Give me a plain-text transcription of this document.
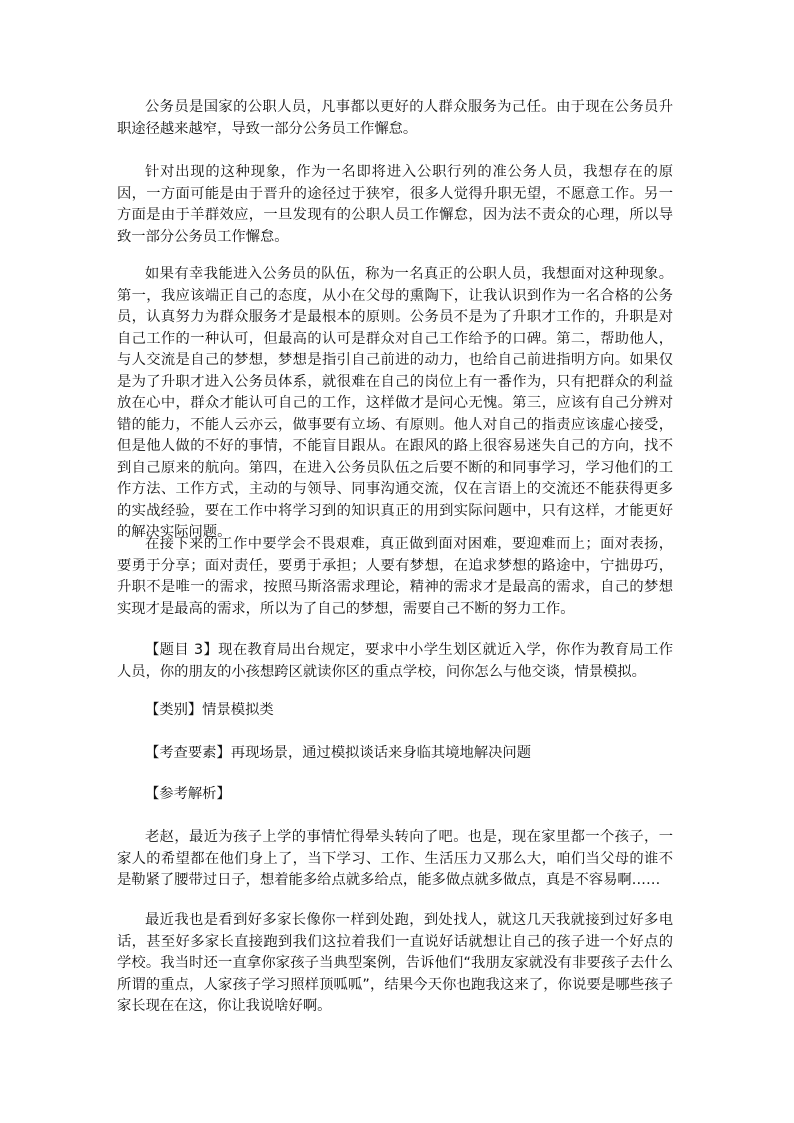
公务员是国家的公职人员，凡事都以更好的人群众服务为己任。由于现在公务员升职途径越来越窄，导致一部分公务员工作懈怠。

针对出现的这种现象，作为一名即将进入公职行列的准公务人员，我想存在的原因，一方面可能是由于晋升的途径过于狭窄，很多人觉得升职无望，不愿意工作。另一方面是由于羊群效应，一旦发现有的公职人员工作懈怠，因为法不责众的心理，所以导致一部分公务员工作懈怠。

如果有幸我能进入公务员的队伍，称为一名真正的公职人员，我想面对这种现象。第一，我应该端正自己的态度，从小在父母的熏陶下，让我认识到作为一名合格的公务员，认真努力为群众服务才是最根本的原则。公务员不是为了升职才工作的，升职是对自己工作的一种认可，但最高的认可是群众对自己工作给予的口碑。第二，帮助他人，与人交流是自己的梦想，梦想是指引自己前进的动力，也给自己前进指明方向。如果仅是为了升职才进入公务员体系，就很难在自己的岗位上有一番作为，只有把群众的利益放在心中，群众才能认可自己的工作，这样做才是问心无愧。第三，应该有自己分辨对错的能力，不能人云亦云，做事要有立场、有原则。他人对自己的指责应该虚心接受，但是他人做的不好的事情，不能盲目跟从。在跟风的路上很容易迷失自己的方向，找不到自己原来的航向。第四，在进入公务员队伍之后要不断的和同事学习，学习他们的工作方法、工作方式，主动的与领导、同事沟通交流，仅在言语上的交流还不能获得更多的实战经验，要在工作中将学习到的知识真正的用到实际问题中，只有这样，才能更好的解决实际问题。

在接下来的工作中要学会不畏艰难，真正做到面对困难，要迎难而上；面对表扬，要勇于分享；面对责任，要勇于承担；人要有梦想，在追求梦想的路途中，宁拙毋巧，升职不是唯一的需求，按照马斯洛需求理论，精神的需求才是最高的需求，自己的梦想实现才是最高的需求，所以为了自己的梦想，需要自己不断的努力工作。

【题目 3】现在教育局出台规定，要求中小学生划区就近入学，你作为教育局工作人员，你的朋友的小孩想跨区就读你区的重点学校，问你怎么与他交谈，情景模拟。

【类别】情景模拟类

【考查要素】再现场景，通过模拟谈话来身临其境地解决问题

【参考解析】

老赵，最近为孩子上学的事情忙得晕头转向了吧。也是，现在家里都一个孩子，一家人的希望都在他们身上了，当下学习、工作、生活压力又那么大，咱们当父母的谁不是勒紧了腰带过日子，想着能多给点就多给点，能多做点就多做点，真是不容易啊……

最近我也是看到好多家长像你一样到处跑，到处找人，就这几天我就接到过好多电话，甚至好多家长直接跑到我们这拉着我们一直说好话就想让自己的孩子进一个好点的学校。我当时还一直拿你家孩子当典型案例，告诉他们“我朋友家就没有非要孩子去什么所谓的重点，人家孩子学习照样顶呱呱”，结果今天你也跑我这来了，你说要是哪些孩子家长现在在这，你让我说啥好啊。
